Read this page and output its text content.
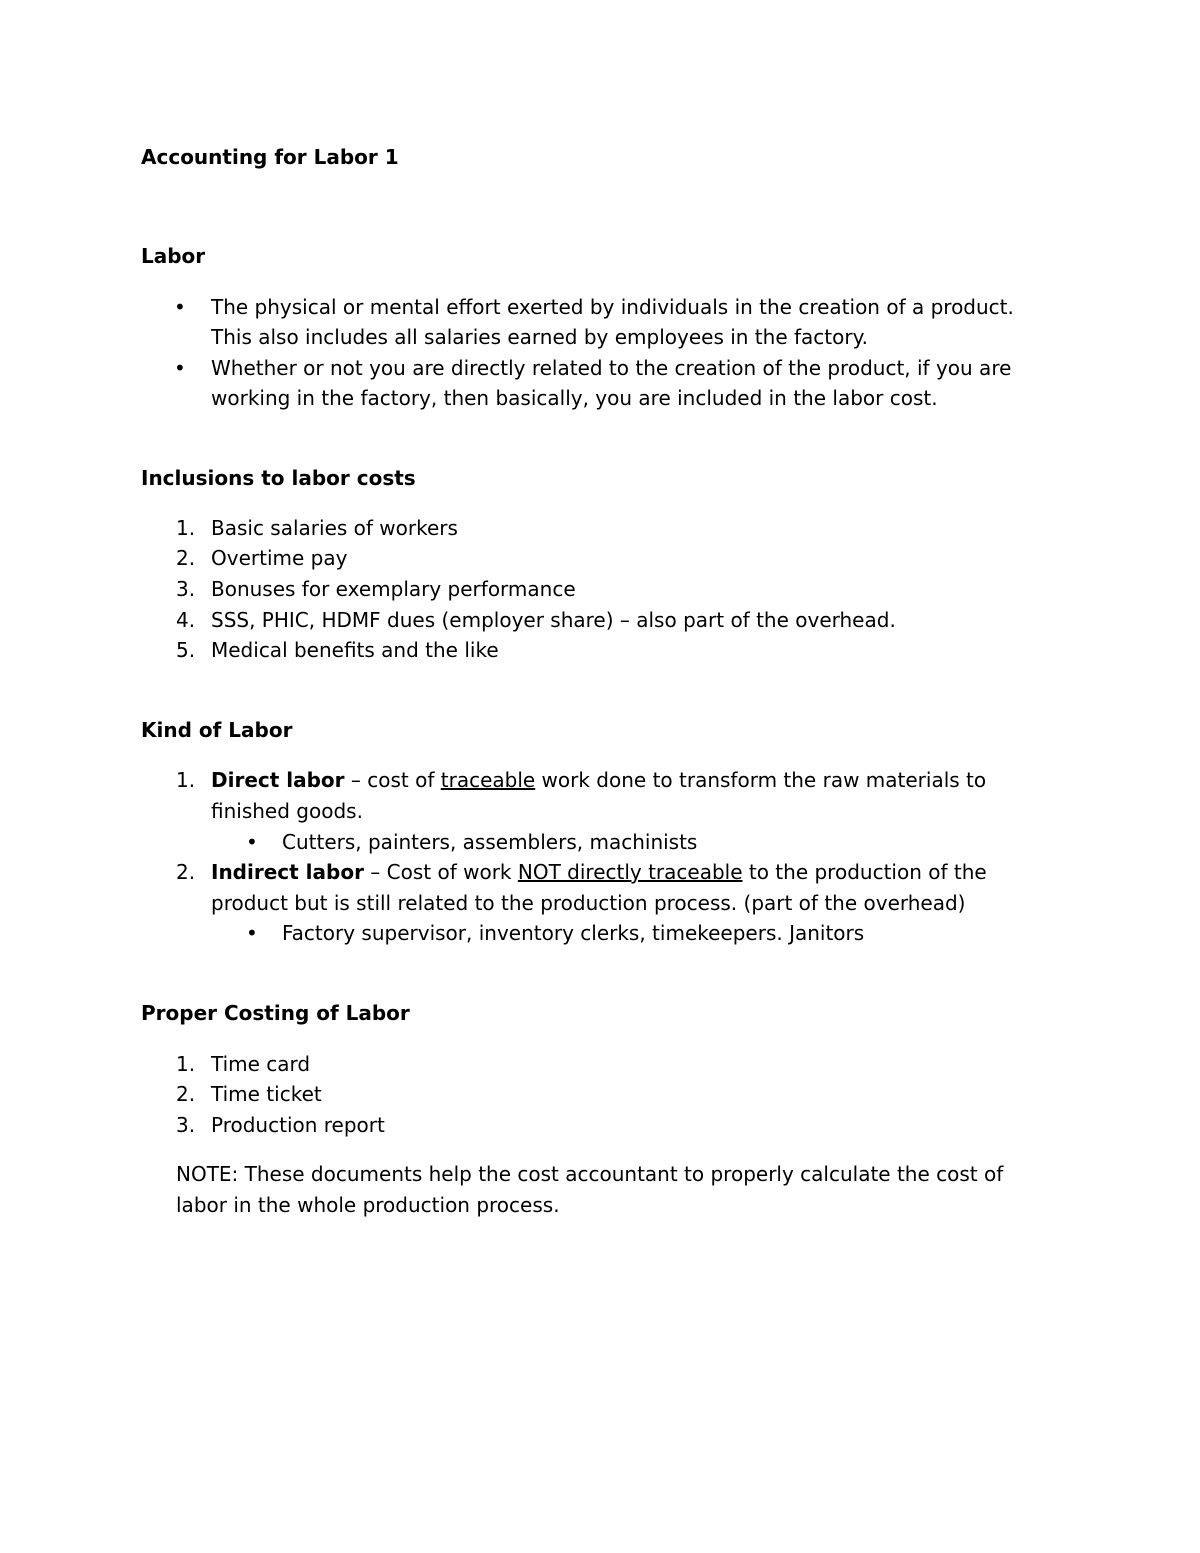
Accounting for Labor 1
Labor
• The physical or mental effort exerted by individuals in the creation of a product.
This also includes all salaries earned by employees in the factory.
• Whether or not you are directly related to the creation of the product, if you are
working in the factory, then basically, you are included in the labor cost.
Inclusions to labor costs
1. Basic salaries of workers
2. Overtime pay
3. Bonuses for exemplary performance
4. SSS, PHIC, HDMF dues (employer share) – also part of the overhead.
5. Medical benefits and the like
Kind of Labor
1. Direct labor – cost of traceable work done to transform the raw materials to
finished goods.
• Cutters, painters, assemblers, machinists
2. Indirect labor – Cost of work NOT directly traceable to the production of the
product but is still related to the production process. (part of the overhead)
• Factory supervisor, inventory clerks, timekeepers. Janitors
Proper Costing of Labor
1. Time card
2. Time ticket
3. Production report
NOTE: These documents help the cost accountant to properly calculate the cost of
labor in the whole production process.
